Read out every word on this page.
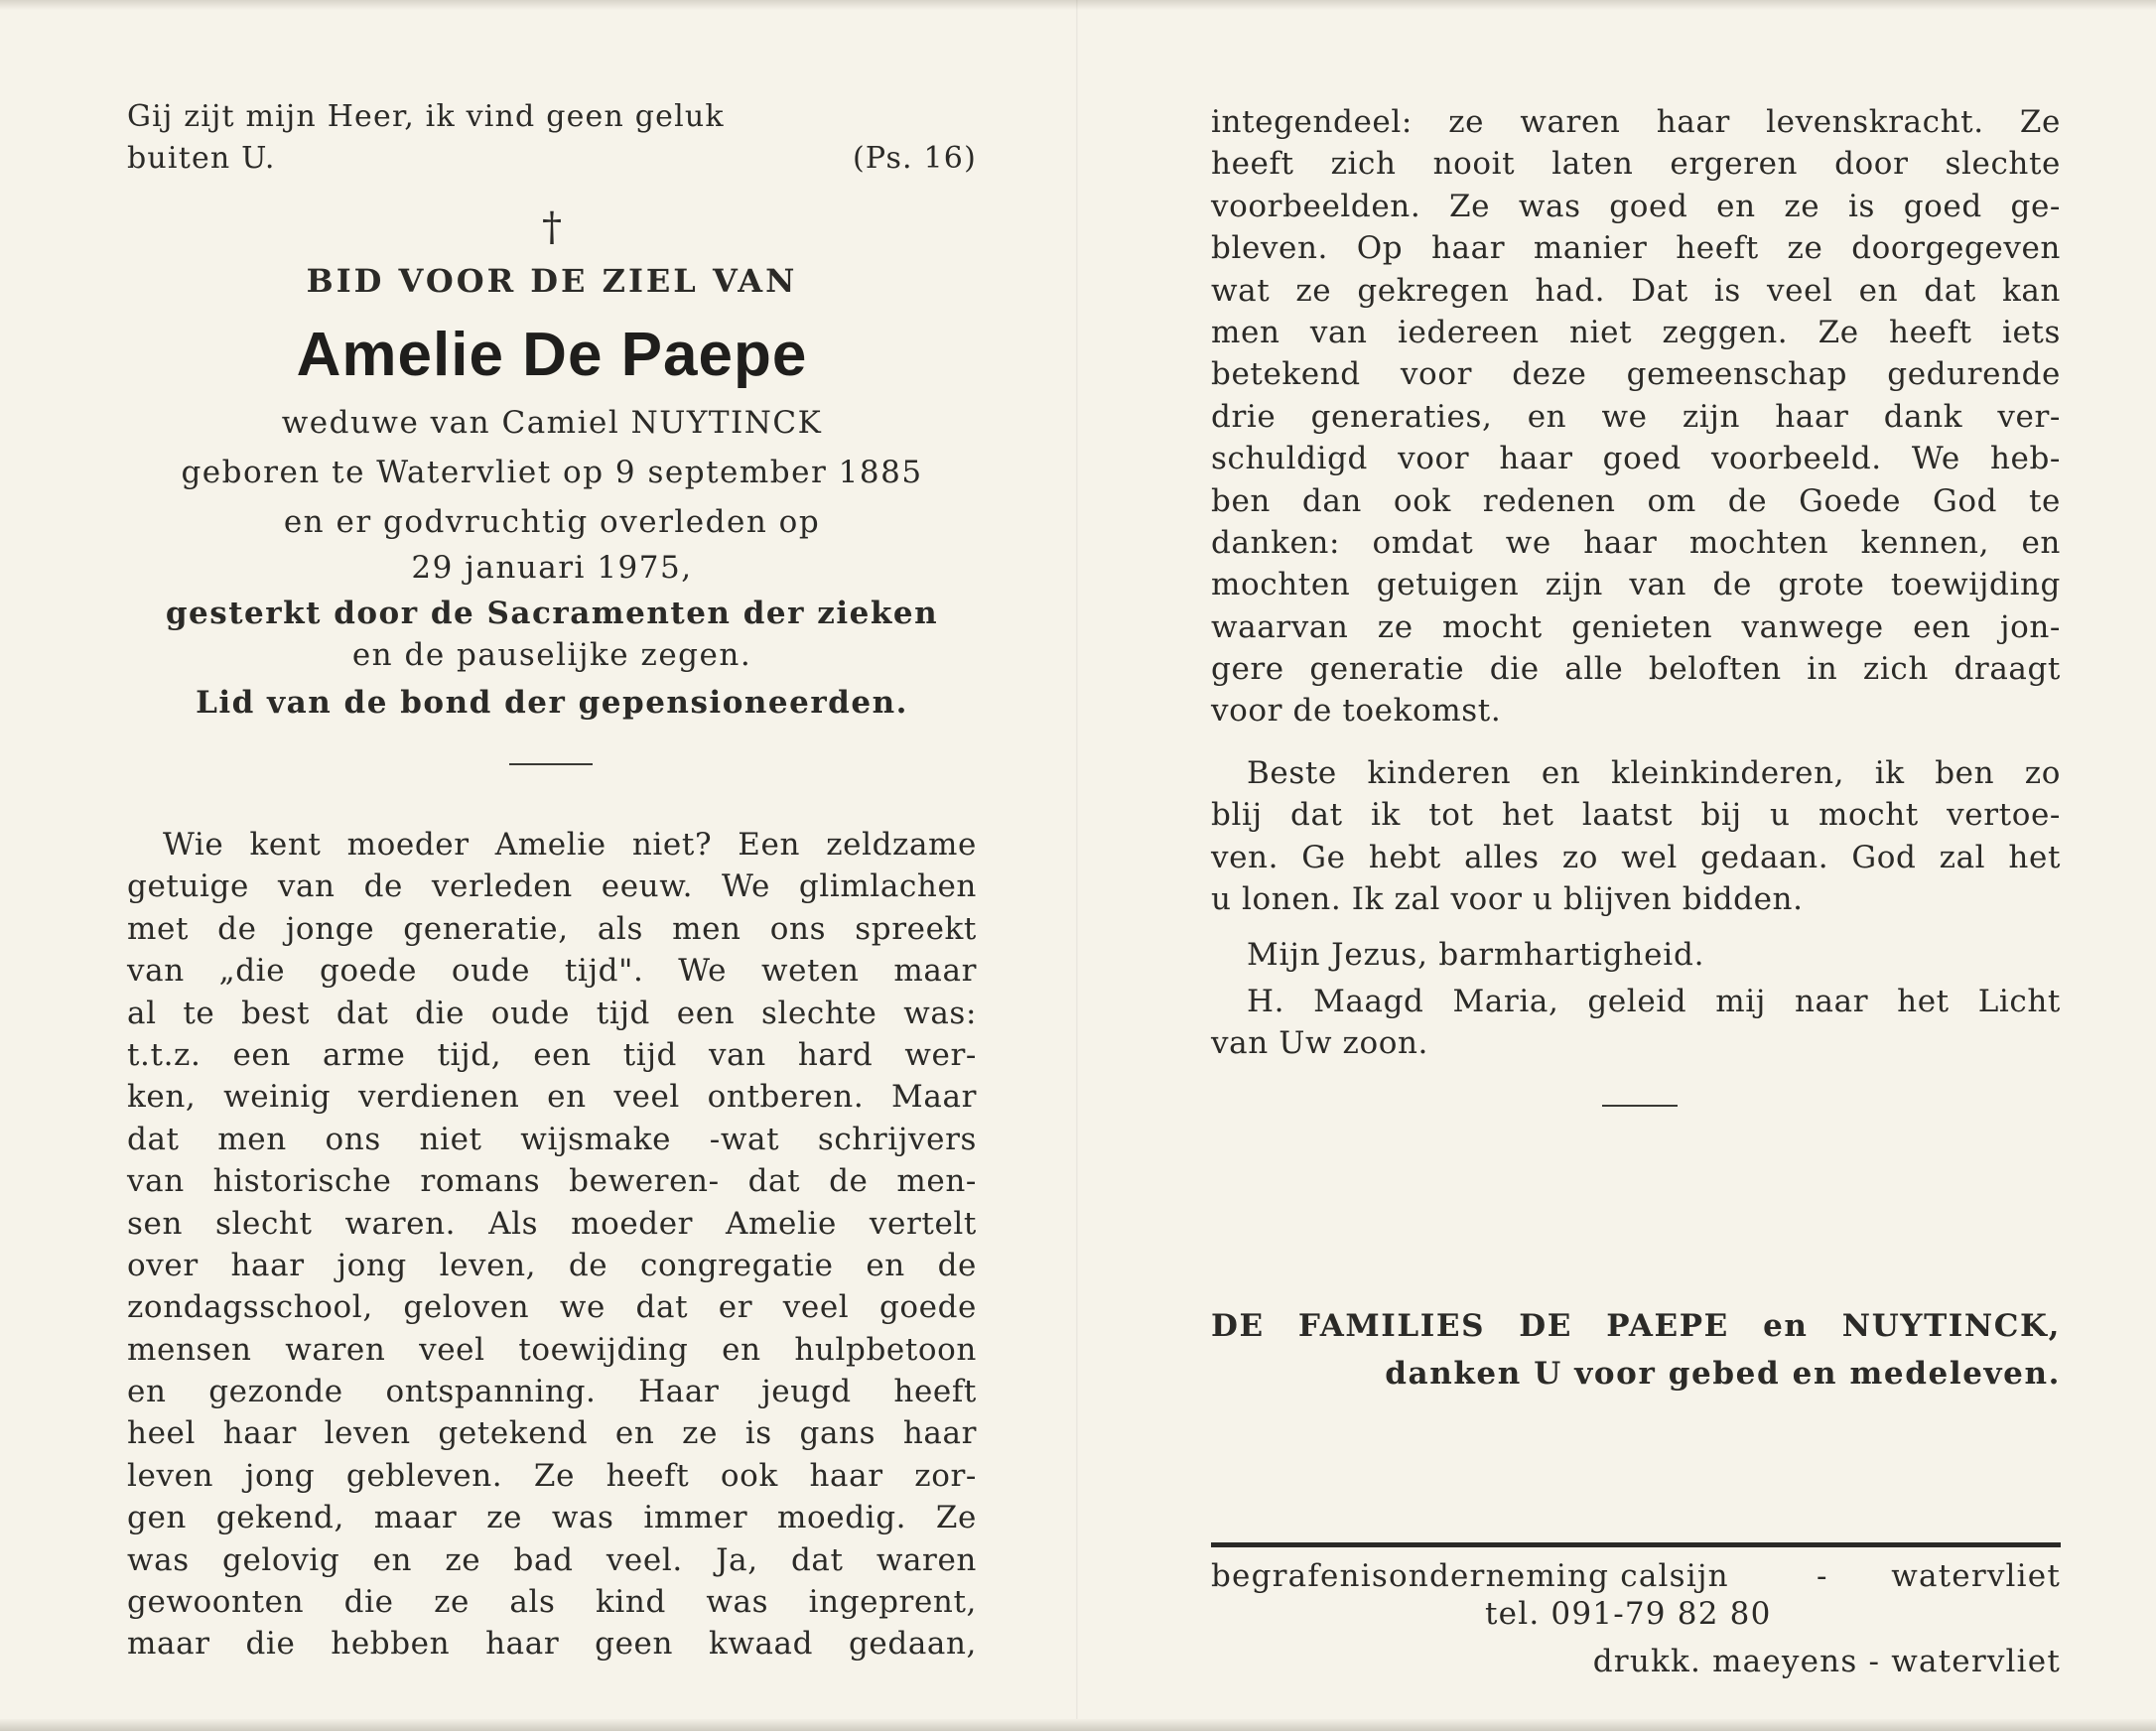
Gij zijt mijn Heer, ik vind geen geluk
buiten U.	(Ps. 16)
†
BID VOOR DE ZIEL VAN
Amelie De Paepe
weduwe van Camiel NUYTINCK
geboren te Watervliet op 9 september 1885
en er godvruchtig overleden op
29 januari 1975,
gesterkt door de Sacramenten der zieken
en de pauselijke zegen.
Lid van de bond der gepensioneerden.
Wie kent moeder Amelie niet? Een zeldzame
getuige van de verleden eeuw. We glimlachen
met de jonge generatie, als men ons spreekt
van „die goede oude tijd". We weten maar
al te best dat die oude tijd een slechte was:
t.t.z. een arme tijd, een tijd van hard wer-
ken, weinig verdienen en veel ontberen. Maar
dat men ons niet wijsmake -wat schrijvers
van historische romans beweren- dat de men-
sen slecht waren. Als moeder Amelie vertelt
over haar jong leven, de congregatie en de
zondagsschool, geloven we dat er veel goede
mensen waren veel toewijding en hulpbetoon
en gezonde ontspanning. Haar jeugd heeft
heel haar leven getekend en ze is gans haar
leven jong gebleven. Ze heeft ook haar zor-
gen gekend, maar ze was immer moedig. Ze
was gelovig en ze bad veel. Ja, dat waren
gewoonten die ze als kind was ingeprent,
maar die hebben haar geen kwaad gedaan,
integendeel: ze waren haar levenskracht. Ze
heeft zich nooit laten ergeren door slechte
voorbeelden. Ze was goed en ze is goed ge-
bleven. Op haar manier heeft ze doorgegeven
wat ze gekregen had. Dat is veel en dat kan
men van iedereen niet zeggen. Ze heeft iets
betekend voor deze gemeenschap gedurende
drie generaties, en we zijn haar dank ver-
schuldigd voor haar goed voorbeeld. We heb-
ben dan ook redenen om de Goede God te
danken: omdat we haar mochten kennen, en
mochten getuigen zijn van de grote toewijding
waarvan ze mocht genieten vanwege een jon-
gere generatie die alle beloften in zich draagt
voor de toekomst.
Beste kinderen en kleinkinderen, ik ben zo
blij dat ik tot het laatst bij u mocht vertoe-
ven. Ge hebt alles zo wel gedaan. God zal het
u lonen. Ik zal voor u blijven bidden.
Mijn Jezus, barmhartigheid.
H. Maagd Maria, geleid mij naar het Licht
van Uw zoon.
DE FAMILIES DE PAEPE en NUYTINCK,
danken U voor gebed en medeleven.
begrafenisonderneming calsijn	- watervliet
tel. 091-79 82 80
drukk. maeyens - watervliet
